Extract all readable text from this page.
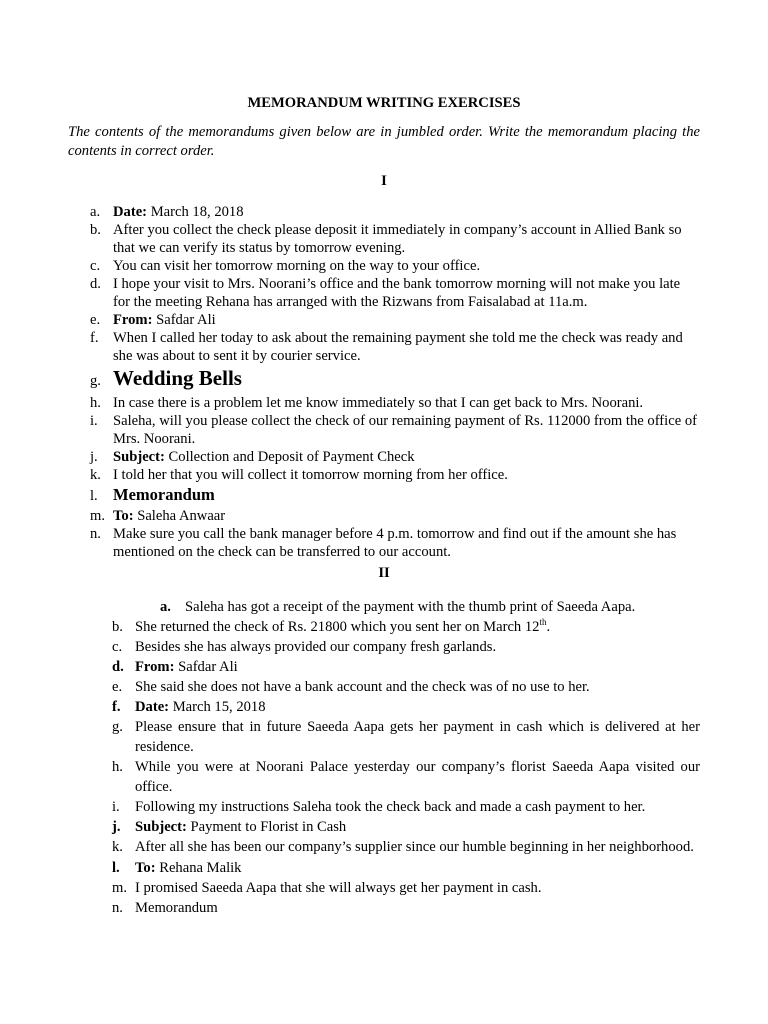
MEMORANDUM WRITING EXERCISES
The contents of the memorandums given below are in jumbled order. Write the memorandum placing the contents in correct order.
I
a. Date: March 18, 2018
b. After you collect the check please deposit it immediately in company’s account in Allied Bank so that we can verify its status by tomorrow evening.
c. You can visit her tomorrow morning on the way to your office.
d. I hope your visit to Mrs. Noorani’s office and the bank tomorrow morning will not make you late for the meeting Rehana has arranged with the Rizwans from Faisalabad at 11a.m.
e. From: Safdar Ali
f. When I called her today to ask about the remaining payment she told me the check was ready and she was about to sent it by courier service.
g. Wedding Bells
h. In case there is a problem let me know immediately so that I can get back to Mrs. Noorani.
i.	Saleha, will you please collect the check of our remaining payment of Rs. 112000 from the office of Mrs. Noorani.
j.	Subject: Collection and Deposit of Payment Check
k. I told her that you will collect it tomorrow morning from her office.
l. Memorandum
m. To: Saleha Anwaar
n. Make sure you call the bank manager before 4 p.m. tomorrow and find out if the amount she has mentioned on the check can be transferred to our account.
II
a. Saleha has got a receipt of the payment with the thumb print of Saeeda Aapa.
b. She returned the check of Rs. 21800 which you sent her on March 12th.
c. Besides she has always provided our company fresh garlands.
d. From: Safdar Ali
e. She said she does not have a bank account and the check was of no use to her.
f. Date: March 15, 2018
g. Please ensure that in future Saeeda Aapa gets her payment in cash which is delivered at her residence.
h. While you were at Noorani Palace yesterday our company’s florist Saeeda Aapa visited our office.
i.	Following my instructions Saleha took the check back and made a cash payment to her.
j. Subject: Payment to Florist in Cash
k. After all she has been our company’s supplier since our humble beginning in her neighborhood.
l.	To: Rehana Malik
m. I promised Saeeda Aapa that she will always get her payment in cash.
n. Memorandum
